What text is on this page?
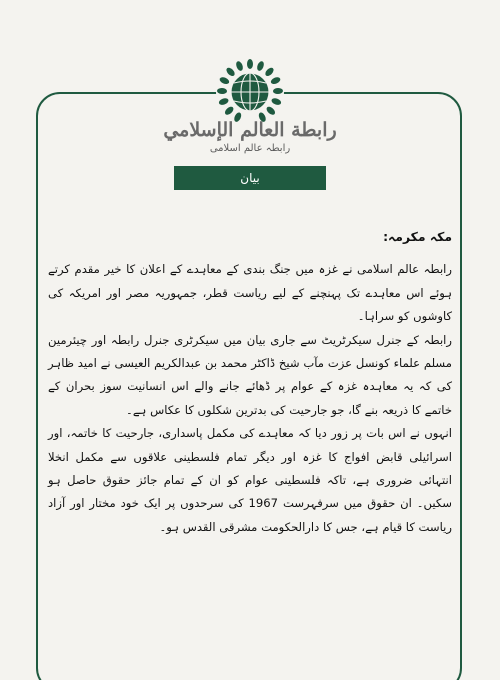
رابطة العالم الإسلامي
رابطہ عالم اسلامی
بیان
مکہ مکرمہ:

رابطہ عالم اسلامی نے غزہ میں جنگ بندی کے معاہدے کے اعلان کا خیر مقدم کرتے ہوئے اس معاہدے تک پہنچنے کے لیے ریاست قطر، جمہوریہ مصر اور امریکہ کی کاوشوں کو سراہا۔

رابطہ کے جنرل سیکرٹریٹ سے جاری بیان میں سیکرٹری جنرل رابطہ اور چیئرمین مسلم علماء کونسل عزت مآب شیخ ڈاکٹر محمد بن عبدالکریم العیسی نے امید ظاہر کی کہ یہ معاہدہ غزہ کے عوام پر ڈھائے جانے والے اس انسانیت سوز بحران کے خاتمے کا ذریعہ بنے گا، جو جارحیت کی بدترین شکلوں کا عکاس ہے۔

انہوں نے اس بات پر زور دیا کہ معاہدے کی مکمل پاسداری، جارحیت کا خاتمہ، اور اسرائیلی قابض افواج کا غزہ اور دیگر تمام فلسطینی علاقوں سے مکمل انخلا انتہائی ضروری ہے، تاکہ فلسطینی عوام کو ان کے تمام جائز حقوق حاصل ہو سکیں۔ ان حقوق میں سرفہرست 1967 کی سرحدوں پر ایک خود مختار اور آزاد ریاست کا قیام ہے، جس کا دارالحکومت مشرقی القدس ہو۔
